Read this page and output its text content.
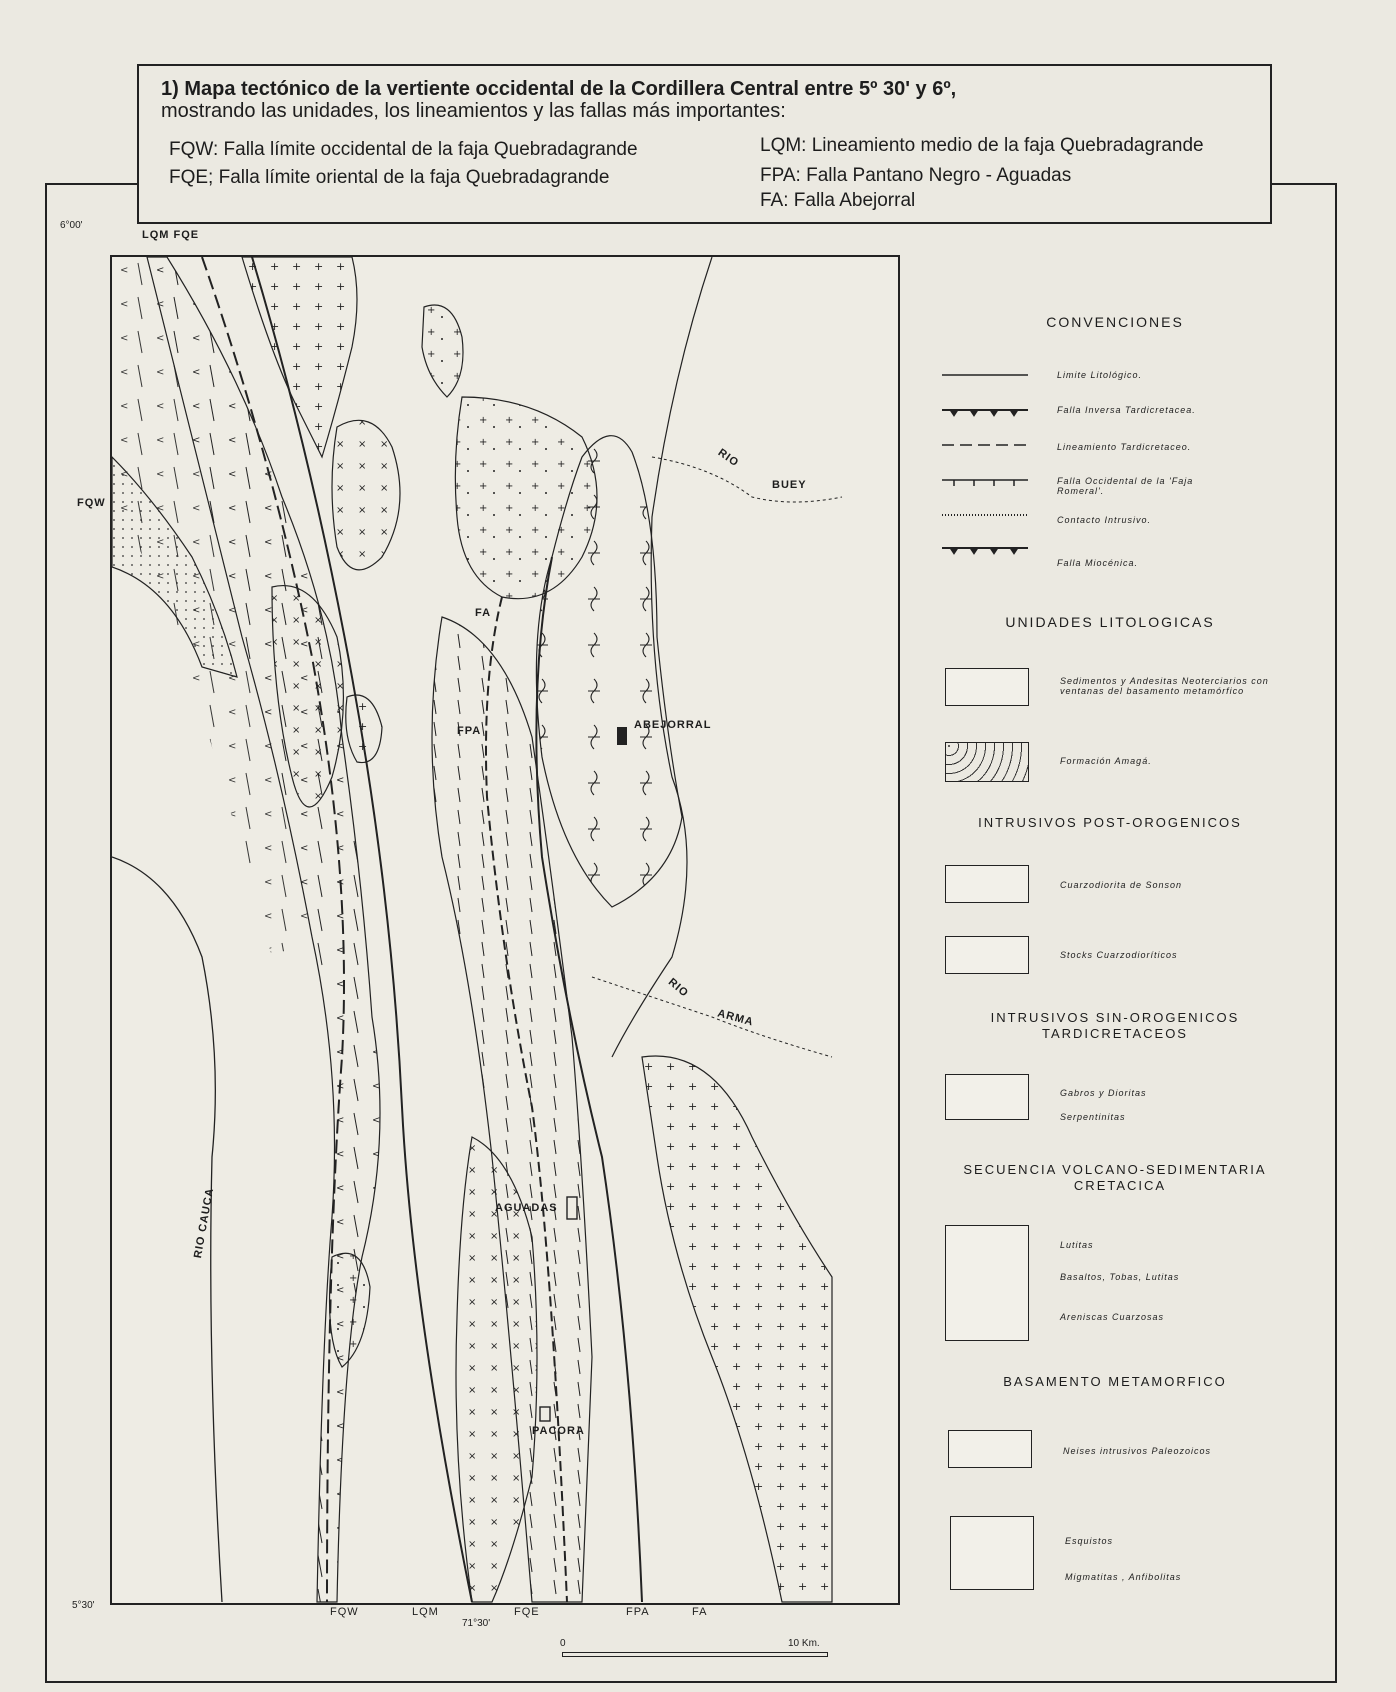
1) Mapa tectónico de la vertiente occidental de la Cordillera Central entre 5º 30' y 6º,
mostrando las unidades, los lineamientos y las fallas más importantes:
FQW: Falla límite occidental de la faja Quebradagrande
FQE; Falla límite oriental de la faja Quebradagrande
LQM: Lineamiento medio de la faja Quebradagrande
FPA: Falla Pantano Negro - Aguadas
FA: Falla Abejorral
6°00'
5°30'
LQM FQE
FQW
FA
FPA	ABEJORRAL
AGUADAS
PACORA
RIO
BUEY
RIO
ARMA
RIO CAUCA
FQW	LQM	FQE	FPA	FA
71°30'
0	10 Km.
CONVENCIONES
Limite Litológico.
Falla Inversa Tardicretacea.
Lineamiento Tardicretaceo.
Falla Occidental de la 'Faja Romeral'.
Contacto Intrusivo.
Falla Miocénica.
UNIDADES LITOLOGICAS
Sedimentos y Andesitas Neoterciarios con ventanas del basamento metamórfico
Formación Amagá.
INTRUSIVOS POST-OROGENICOS
Cuarzodiorita de Sonson
Stocks Cuarzodioríticos
INTRUSIVOS SIN-OROGENICOS
TARDICRETACEOS
Gabros y Dioritas
Serpentinitas
SECUENCIA VOLCANO-SEDIMENTARIA
CRETACICA
Lutitas
Basaltos, Tobas, Lutitas
Areniscas Cuarzosas
BASAMENTO METAMORFICO
Neises intrusivos Paleozoicos
Esquistos
Migmatitas , Anfibolitas
